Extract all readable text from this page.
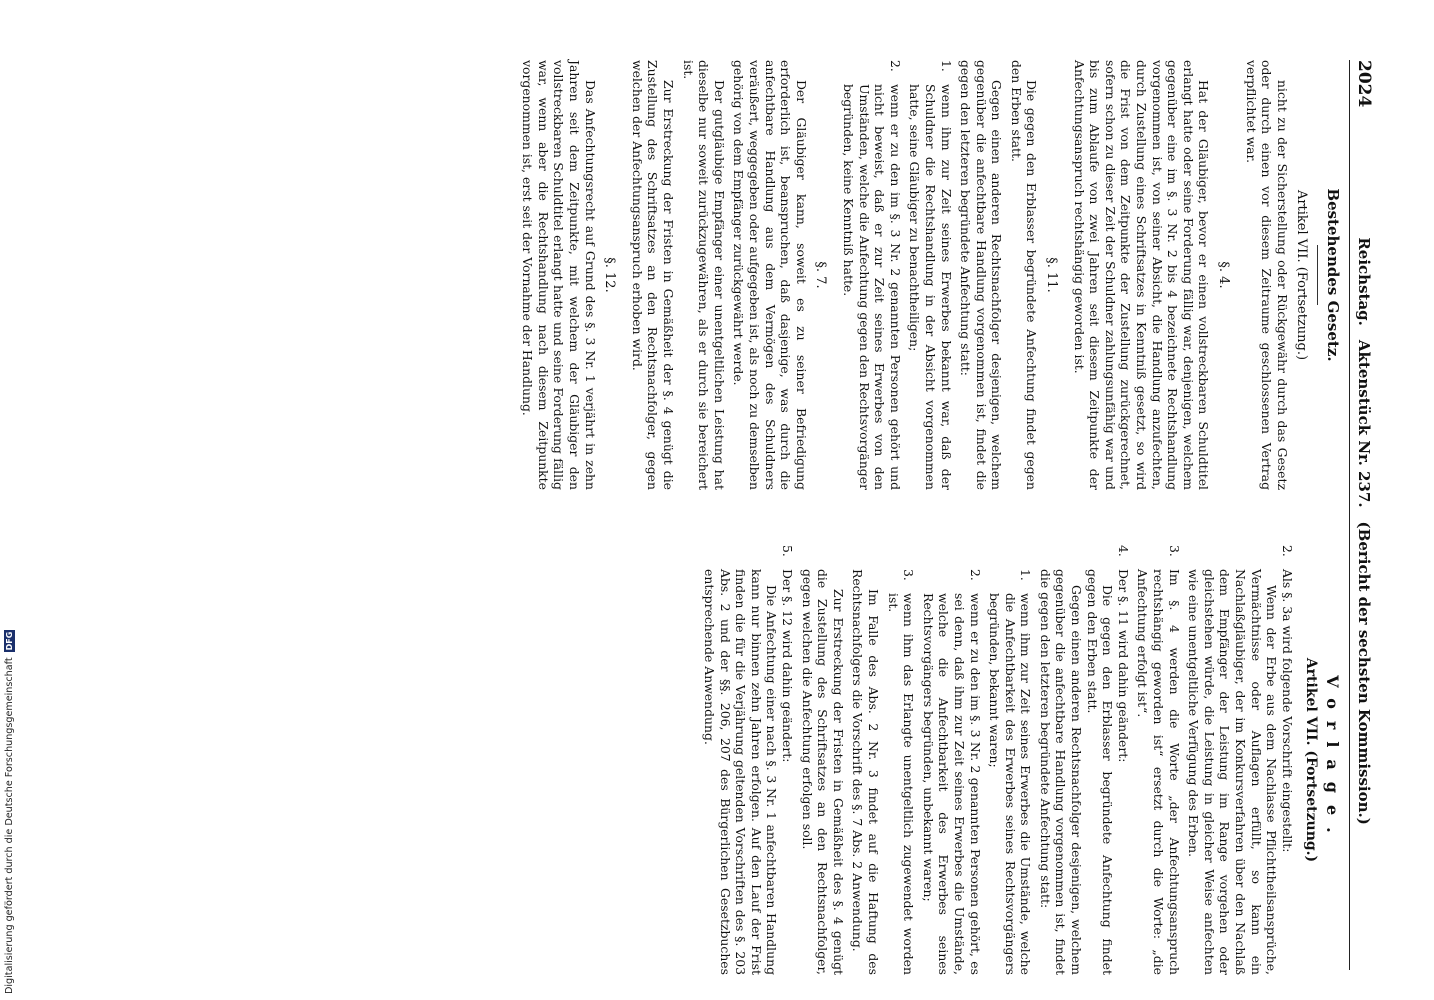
2024
Reichstag.
Aktenstück Nr. 237.
(Bericht der sechsten Kommission.)
Bestehendes Gesetz.
Artikel VII. (Fortsetzung.)

nicht zu der Sicherstellung oder Rückgewähr durch das Gesetz oder durch einen vor diesem Zeitraume geschlossenen Vertrag verpflichtet war.

§. 4.

Hat der Gläubiger, bevor er einen vollstreckbaren Schuldtitel erlangt hatte oder seine Forderung fällig war, denjenigen, welchem gegenüber eine im §. 3 Nr. 2 bis 4 bezeichnete Rechtshandlung vorgenommen ist, von seiner Absicht, die Handlung anzufechten, durch Zustellung eines Schriftsatzes in Kenntniß gesetzt, so wird die Frist von dem Zeitpunkte der Zustellung zurückgerechnet, sofern schon zu dieser Zeit der Schuldner zahlungsunfähig war und bis zum Ablaufe von zwei Jahren seit diesem Zeitpunkte der Anfechtungsanspruch rechtshängig geworden ist.

§. 11.

Die gegen den Erblasser begründete Anfechtung findet gegen den Erben statt.

Gegen einen anderen Rechtsnachfolger desjenigen, welchem gegenüber die anfechtbare Handlung vorgenommen ist, findet die gegen den letzteren begründete Anfechtung statt:

1.
wenn ihm zur Zeit seines Erwerbes bekannt war, daß der Schuldner die Rechtshandlung in der Absicht vorgenommen hatte, seine Gläubiger zu benachtheiligen;
2.
wenn er zu den im §. 3 Nr. 2 genannten Personen gehört und nicht beweist, daß er zur Zeit seines Erwerbes von den Umständen, welche die Anfechtung gegen den Rechtsvorgänger begründen, keine Kenntniß hatte.
§. 7.

Der Gläubiger kann, soweit es zu seiner Befriedigung erforderlich ist, beanspruchen, daß dasjenige, was durch die anfechtbare Handlung aus dem Vermögen des Schuldners veräußert, weggegeben oder aufgegeben ist, als noch zu demselben gehörig von dem Empfänger zurückgewährt werde.

Der gutgläubige Empfänger einer unentgeltlichen Leistung hat dieselbe nur soweit zurückzugewähren, als er durch sie bereichert ist.

Zur Erstreckung der Fristen in Gemäßheit der §. 4 genügt die Zustellung des Schriftsatzes an den Rechtsnachfolger, gegen welchen der Anfechtungsanspruch erhoben wird.

§. 12.

Das Anfechtungsrecht auf Grund des §. 3 Nr. 1 verjährt in zehn Jahren seit dem Zeitpunkte, mit welchem der Gläubiger den vollstreckbaren Schuldtitel erlangt hatte und seine Forderung fällig war, wenn aber die Rechtshandlung nach diesem Zeitpunkte vorgenommen ist, erst seit der Vornahme der Handlung.

Vorlage.
Artikel VII. (Fortsetzung.)
2.
Als §. 3a wird folgende Vorschrift eingestellt:
Wenn der Erbe aus dem Nachlasse Pflichttheilsansprüche, Vermächtnisse oder Auflagen erfüllt, so kann ein Nachlaßgläubiger, der im Konkursverfahren über den Nachlaß dem Empfänger der Leistung im Range vorgehen oder gleichstehen würde, die Leistung in gleicher Weise anfechten wie eine unentgeltliche Verfügung des Erben.
3.
Im §. 4 werden die Worte „der Anfechtungsanspruch rechtshängig geworden ist“ ersetzt durch die Worte: „die Anfechtung erfolgt ist“.
4.
Der §. 11 wird dahin geändert:
Die gegen den Erblasser begründete Anfechtung findet gegen den Erben statt.
Gegen einen anderen Rechtsnachfolger desjenigen, welchem gegenüber die anfechtbare Handlung vorgenommen ist, findet die gegen den letzteren begründete Anfechtung statt:
1.
wenn ihm zur Zeit seines Erwerbes die Umstände, welche die Anfechtbarkeit des Erwerbes seines Rechtsvorgängers begründen, bekannt waren;
2.
wenn er zu den im §. 3 Nr. 2 genannten Personen gehört, es sei denn, daß ihm zur Zeit seines Erwerbes die Umstände, welche die Anfechtbarkeit des Erwerbes seines Rechtsvorgängers begründen, unbekannt waren;
3.
wenn ihm das Erlangte unentgeltlich zugewendet worden ist.

Im Falle des Abs. 2 Nr. 3 findet auf die Haftung des Rechtsnachfolgers die Vorschrift des §. 7 Abs. 2 Anwendung.

Zur Erstreckung der Fristen in Gemäßheit des §. 4 genügt die Zustellung des Schriftsatzes an den Rechtsnachfolger, gegen welchen die Anfechtung erfolgen soll.

5.
Der §. 12 wird dahin geändert:
Die Anfechtung einer nach §. 3 Nr. 1 anfechtbaren Handlung kann nur binnen zehn Jahren erfolgen. Auf den Lauf der Frist finden die für die Verjährung geltenden Vorschriften des §. 203 Abs. 2 und der §§. 206, 207 des Bürgerlichen Gesetzbuches entsprechende Anwendung.
Digitalisierung gefördert durch die Deutsche Forschungsgemeinschaft
DFG
